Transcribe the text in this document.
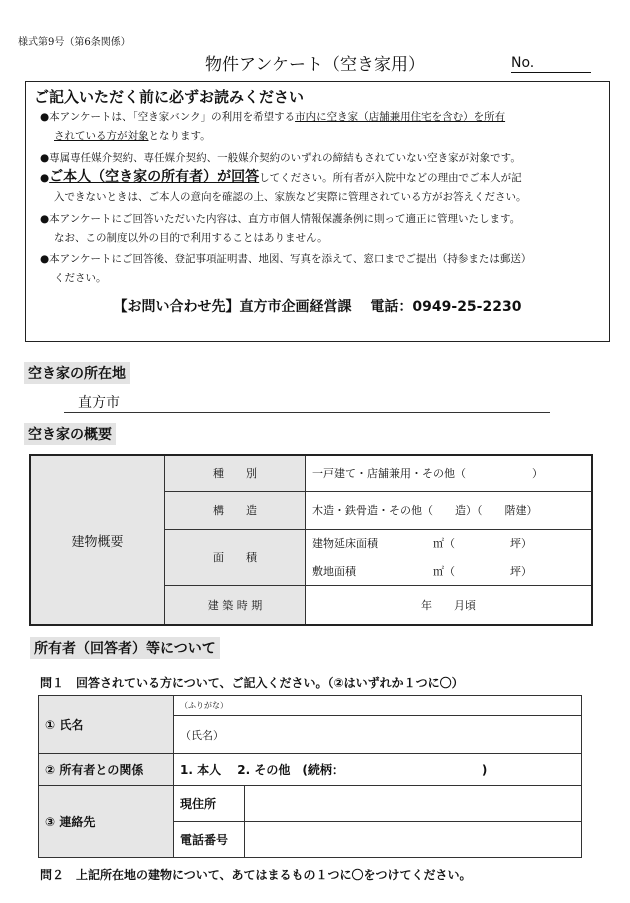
様式第9号（第6条関係）
物件アンケート（空き家用）	No.
ご記入いただく前に必ずお読みください
●本アンケートは、「空き家バンク」の利用を希望する市内に空き家（店舗兼用住宅を含む）を所有
されている方が対象となります。
●専属専任媒介契約、専任媒介契約、一般媒介契約のいずれの締結もされていない空き家が対象です。
●ご本人（空き家の所有者）が回答してください。所有者が入院中などの理由でご本人が記
入できないときは、ご本人の意向を確認の上、家族など実際に管理されている方がお答えください。
●本アンケートにご回答いただいた内容は、直方市個人情報保護条例に則って適正に管理いたします。
なお、この制度以外の目的で利用することはありません。
●本アンケートにご回答後、登記事項証明書、地図、写真を添えて、窓口までご提出（持参または郵送）
ください。
【お問い合わせ先】直方市企画経営課　 電話：0949-25-2230
空き家の所在地
直方市
空き家の概要
建物概要	種　　別	一戸建て・店舗兼用・その他（　　　　　　）
	構　　造	木造・鉄骨造・その他（　　造）（　　階建）
	面　　積	建物延床面積　　　　　㎡（　　　　　坪）
		敷地面積　　　　　　　㎡（　　　　　坪）
	建 築 時 期	年　　月頃
所有者（回答者）等について
問１　回答されている方について、ご記入ください。（②はいずれか１つに〇）
① 氏名	（ふりがな）	
	（氏名）	
② 所有者との関係	1. 本人　 2. その他　(続柄：　　　　　　　　　　　　)	
③ 連絡先	現住所	
	電話番号	
問２　上記所在地の建物について、あてはまるもの１つに〇をつけてください。
